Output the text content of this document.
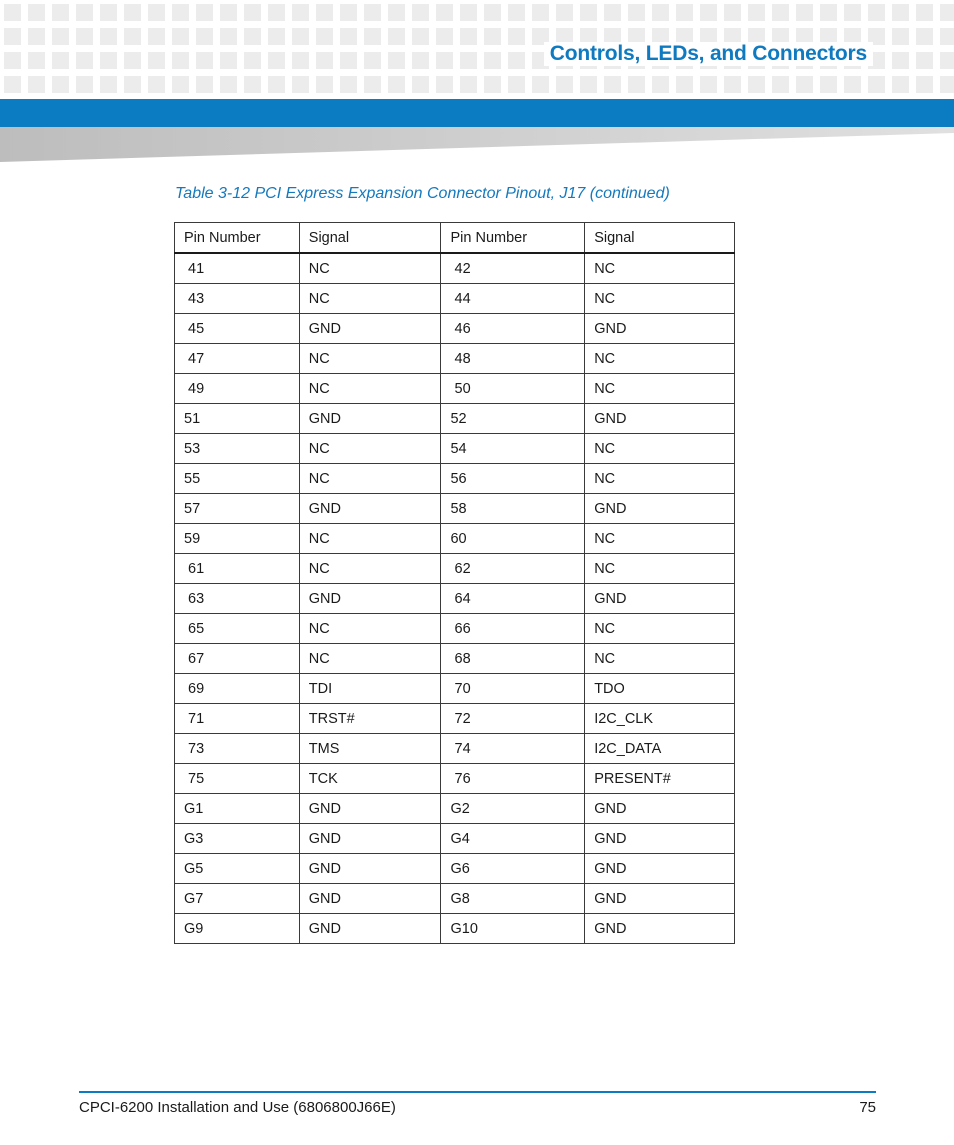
Controls, LEDs, and Connectors
Table 3-12 PCI Express Expansion Connector Pinout, J17 (continued)
Pin Number	Signal	Pin Number	Signal
41	NC	42	NC
43	NC	44	NC
45	GND	46	GND
47	NC	48	NC
49	NC	50	NC
51	GND	52	GND
53	NC	54	NC
55	NC	56	NC
57	GND	58	GND
59	NC	60	NC
61	NC	62	NC
63	GND	64	GND
65	NC	66	NC
67	NC	68	NC
69	TDI	70	TDO
71	TRST#	72	I2C_CLK
73	TMS	74	I2C_DATA
75	TCK	76	PRESENT#
G1	GND	G2	GND
G3	GND	G4	GND
G5	GND	G6	GND
G7	GND	G8	GND
G9	GND	G10	GND
CPCI-6200 Installation and Use (6806800J66E)	75
